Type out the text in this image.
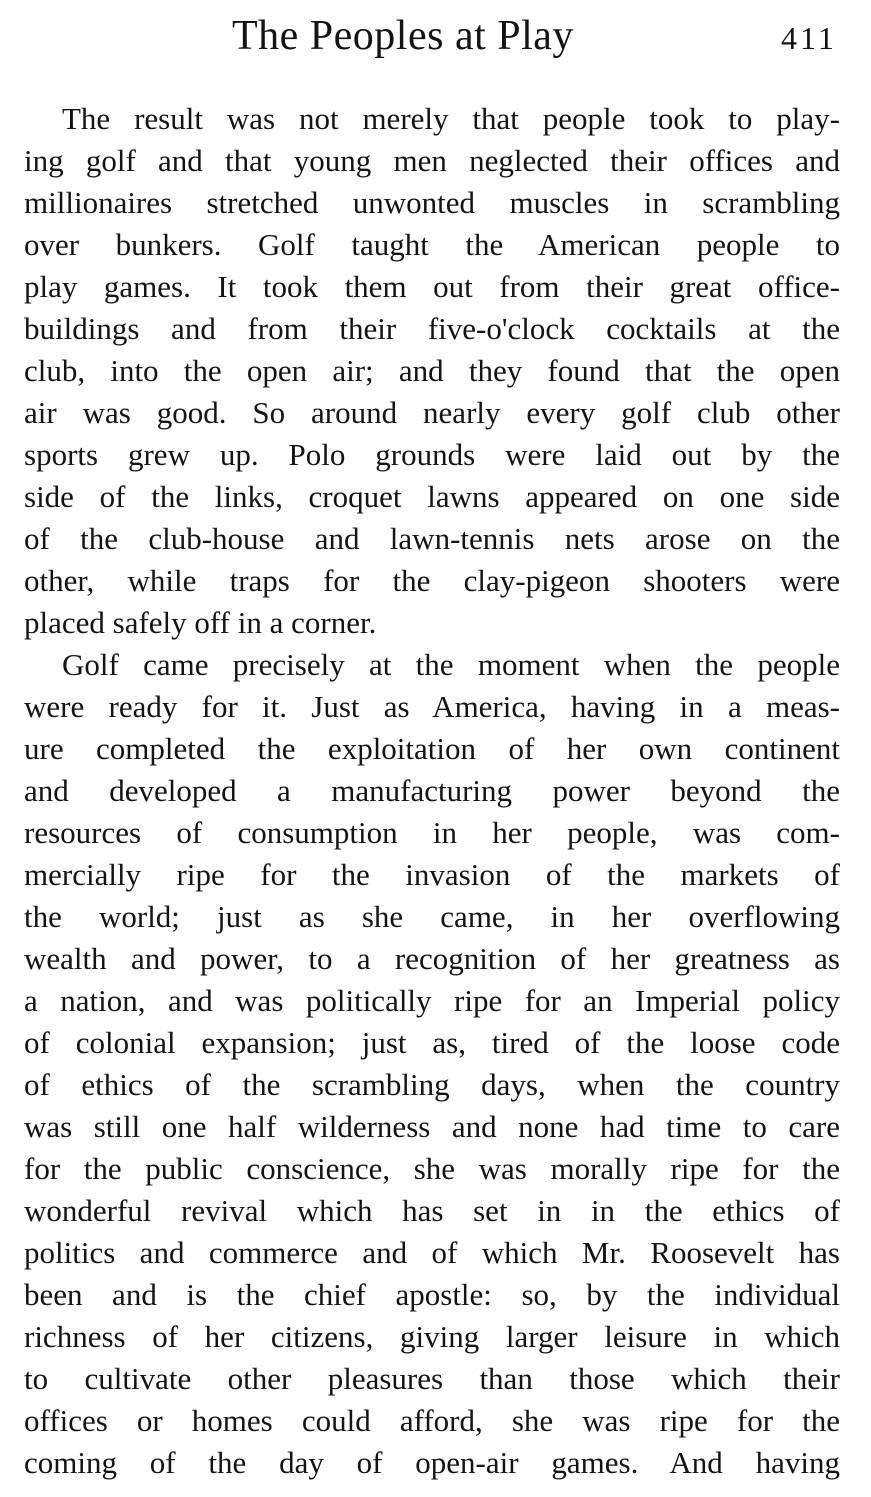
The Peoples at Play	411
The result was not merely that people took to play-
ing golf and that young men neglected their offices and
millionaires stretched unwonted muscles in scrambling
over bunkers. Golf taught the American people to
play games. It took them out from their great office-
buildings and from their five-o'clock cocktails at the
club, into the open air; and they found that the open
air was good. So around nearly every golf club other
sports grew up. Polo grounds were laid out by the
side of the links, croquet lawns appeared on one side
of the club-house and lawn-tennis nets arose on the
other, while traps for the clay-pigeon shooters were
placed safely off in a corner.
Golf came precisely at the moment when the people
were ready for it. Just as America, having in a meas-
ure completed the exploitation of her own continent
and developed a manufacturing power beyond the
resources of consumption in her people, was com-
mercially ripe for the invasion of the markets of
the world; just as she came, in her overflowing
wealth and power, to a recognition of her greatness as
a nation, and was politically ripe for an Imperial policy
of colonial expansion; just as, tired of the loose code
of ethics of the scrambling days, when the country
was still one half wilderness and none had time to care
for the public conscience, she was morally ripe for the
wonderful revival which has set in in the ethics of
politics and commerce and of which Mr. Roosevelt has
been and is the chief apostle: so, by the individual
richness of her citizens, giving larger leisure in which
to cultivate other pleasures than those which their
offices or homes could afford, she was ripe for the
coming of the day of open-air games. And having
